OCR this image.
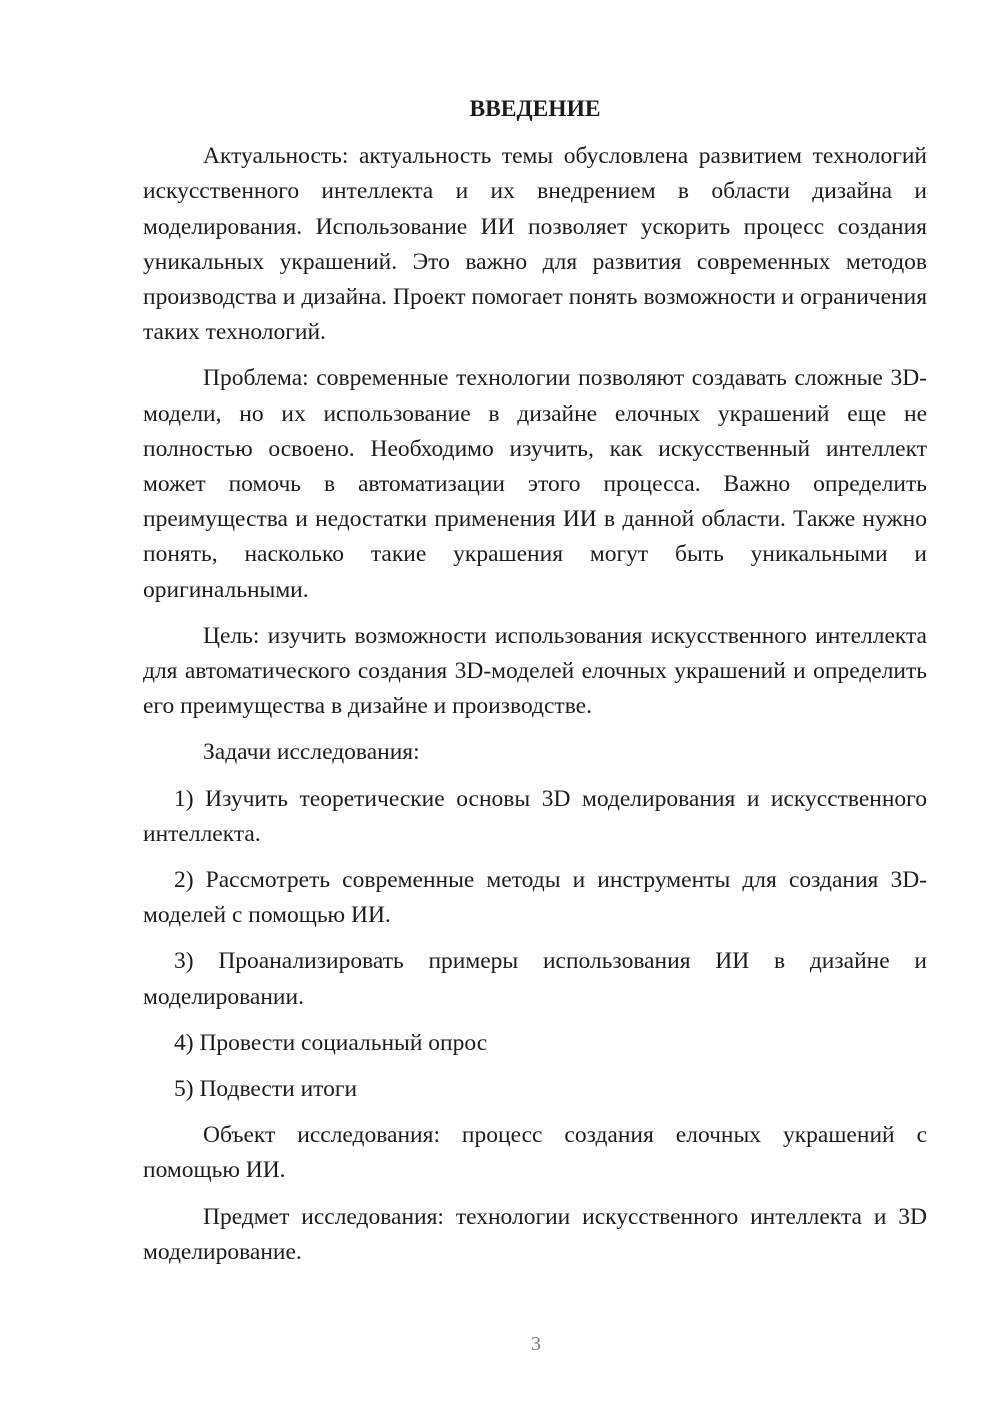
ВВЕДЕНИЕ

Актуальность: актуальность темы обусловлена развитием технологий искусственного интеллекта и их внедрением в области дизайна и моделирования. Использование ИИ позволяет ускорить процесс создания уникальных украшений. Это важно для развития современных методов производства и дизайна. Проект помогает понять возможности и ограничения таких технологий.

Проблема: современные технологии позволяют создавать сложные 3D-модели, но их использование в дизайне елочных украшений еще не полностью освоено. Необходимо изучить, как искусственный интеллект может помочь в автоматизации этого процесса. Важно определить преимущества и недостатки применения ИИ в данной области. Также нужно понять, насколько такие украшения могут быть уникальными и оригинальными.

Цель: изучить возможности использования искусственного интеллекта для автоматического создания 3D-моделей елочных украшений и определить его преимущества в дизайне и производстве.

Задачи исследования:

1) Изучить теоретические основы 3D моделирования и искусственного интеллекта.

2) Рассмотреть современные методы и инструменты для создания 3D-моделей с помощью ИИ.

3) Проанализировать примеры использования ИИ в дизайне и моделировании.

4) Провести социальный опрос

5) Подвести итоги

Объект исследования: процесс создания елочных украшений с помощью ИИ.

Предмет исследования: технологии искусственного интеллекта и 3D моделирование.

3
